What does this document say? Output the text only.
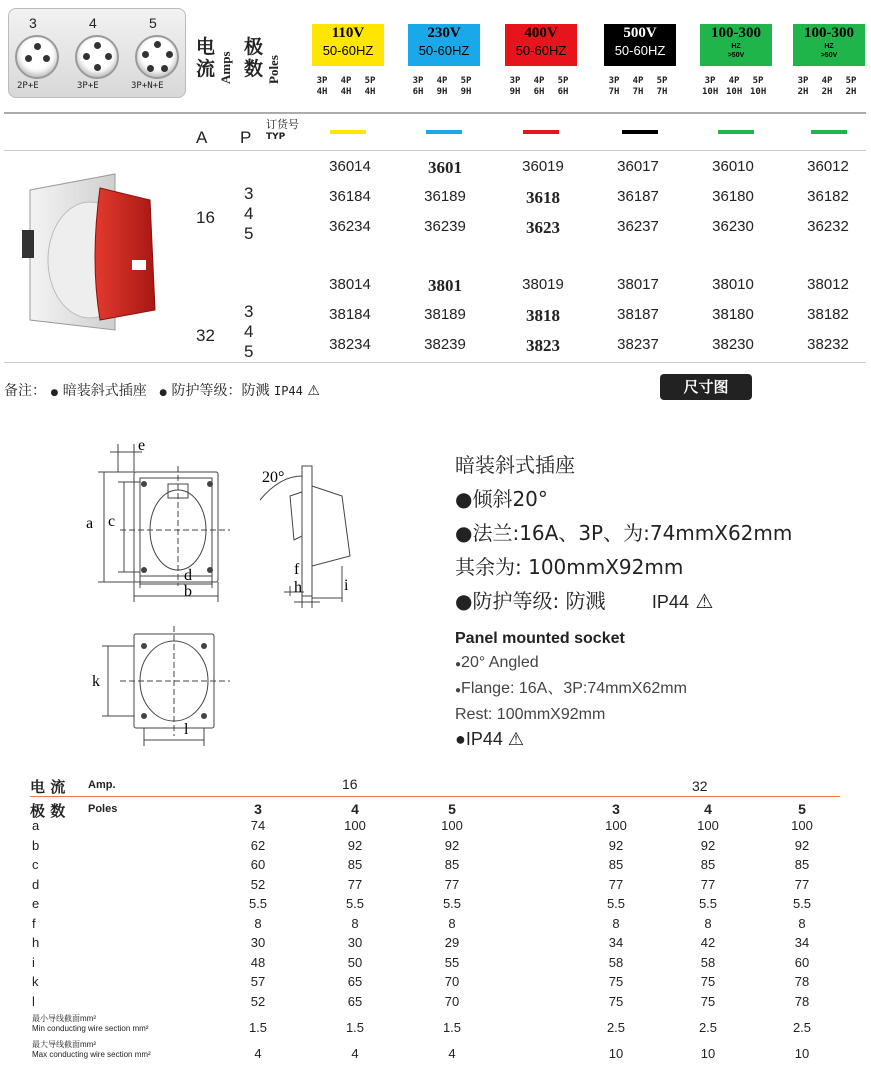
3
2P+E
4
3P+E
5
3P+N+E
电流 Amps
极数 Poles
110V
50-60HZ
3P
4H
4P
4H
5P
4H
230V
50-60HZ
3P
6H
4P
9H
5P
9H
400V
50-60HZ
3P
9H
4P
6H
5P
6H
500V
50-60HZ
3P
7H
4P
7H
5P
7H
100-300
HZ
>50V
3P
10H
4P
10H
5P
10H
100-300
HZ
>50V
3P
2H
4P
2H
5P
2H
A P
订货号
TYP
16
3
4
5
36014	3601	36019	36017	36010	36012
36184	36189	3618	36187	36180	36182
36234	36239	3623	36237	36230	36232
32
3
4
5
38014	3801	38019	38017	38010	38012
38184	38189	3818	38187	38180	38182
38234	38239	3823	38237	38230	38232
备注： ● 暗装斜式插座 ● 防护等级：防溅 IP44 ⚠	尺寸图
e
a c
d
b
20°
f
h	i
k
l
暗装斜式插座
●倾斜20°
●法兰:16A、3P、为:74mmX62mm
其余为: 100mmX92mm
●防护等级: 防溅	IP44 ⚠
Panel mounted socket
●20° Angled
●Flange: 16A、3P:74mmX62mm
Rest: 100mmX92mm
●IP44 ⚠
电 流 Amp.	16	32
极 数 Poles	3	4	5	3	4	5
a	74	100	100	100	100	100
b	62	92	92	92	92	92
c	60	85	85	85	85	85
d	52	77	77	77	77	77
e	5.5	5.5	5.5	5.5	5.5	5.5
f	8	8	8	8	8	8
h	30	30	29	34	42	34
i	48	50	55	58	58	60
k	57	65	70	75	75	78
l	52	65	70	75	75	78
最小导线截面mm²
Min conducting wire section mm²	1.5	1.5	1.5	2.5	2.5	2.5
最大导线截面mm²
Max conducting wire section mm²	4	4	4	10	10	10
